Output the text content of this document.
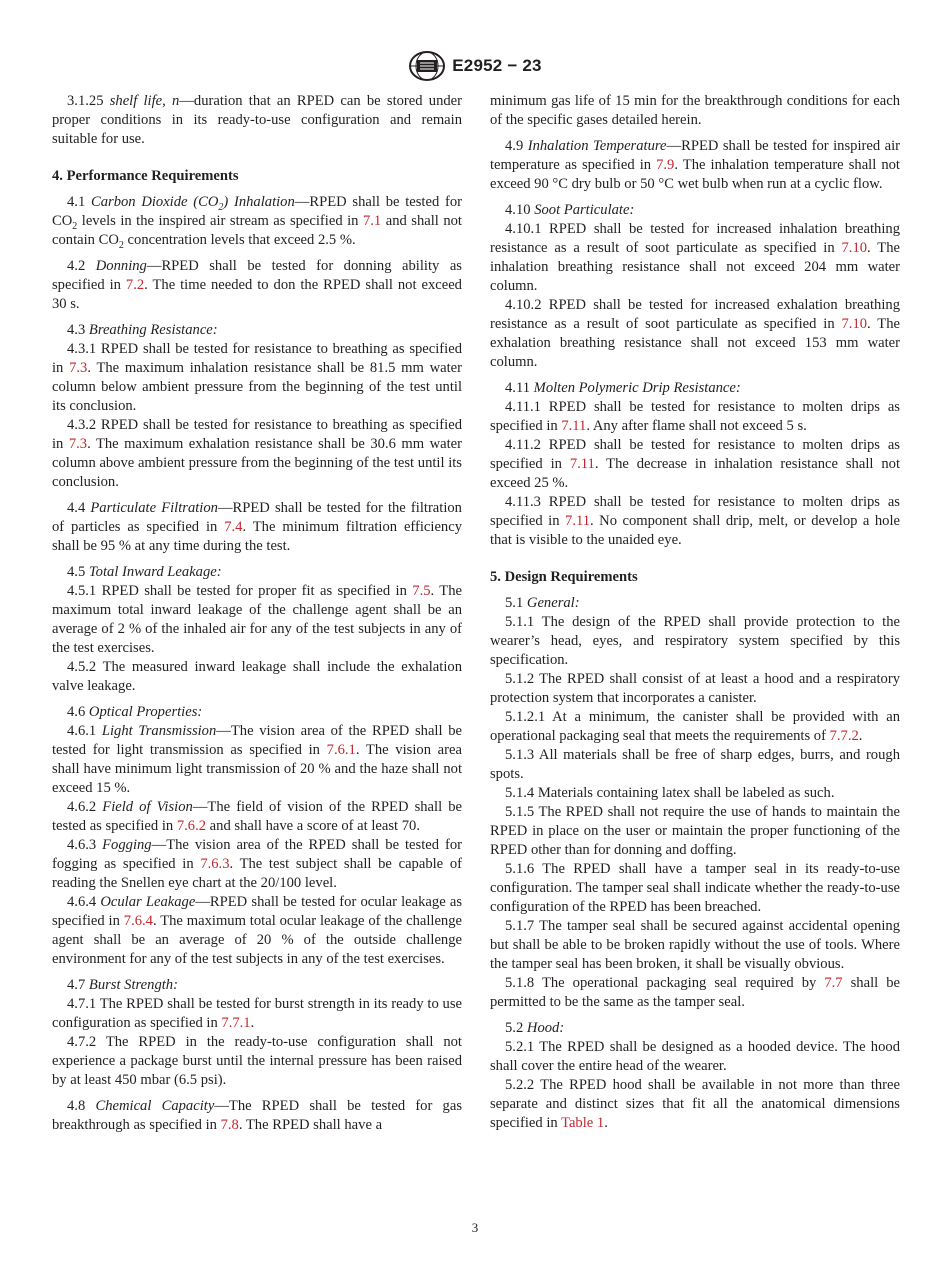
E2952 − 23

3.1.25 shelf life, n—duration that an RPED can be stored under proper conditions in its ready-to-use configuration and remain suitable for use.

4. Performance Requirements

4.1 Carbon Dioxide $(CO_2)$ Inhalation—RPED shall be tested for $CO_2$ levels in the inspired air stream as specified in 7.1 and shall not contain $CO_2$ concentration levels that exceed 2.5 %.

4.2 Donning—RPED shall be tested for donning ability as specified in 7.2. The time needed to don the RPED shall not exceed 30 s.

4.3 Breathing Resistance:

4.3.1 RPED shall be tested for resistance to breathing as specified in 7.3. The maximum inhalation resistance shall be 81.5 mm water column below ambient pressure from the beginning of the test until its conclusion.

4.3.2 RPED shall be tested for resistance to breathing as specified in 7.3. The maximum exhalation resistance shall be 30.6 mm water column above ambient pressure from the beginning of the test until its conclusion.

4.4 Particulate Filtration—RPED shall be tested for the filtration of particles as specified in 7.4. The minimum filtration efficiency shall be 95 % at any time during the test.

4.5 Total Inward Leakage:

4.5.1 RPED shall be tested for proper fit as specified in 7.5. The maximum total inward leakage of the challenge agent shall be an average of 2 % of the inhaled air for any of the test subjects in any of the test exercises.

4.5.2 The measured inward leakage shall include the exhalation valve leakage.

4.6 Optical Properties:

4.6.1 Light Transmission—The vision area of the RPED shall be tested for light transmission as specified in 7.6.1. The vision area shall have minimum light transmission of 20 % and the haze shall not exceed 15 %.

4.6.2 Field of Vision—The field of vision of the RPED shall be tested as specified in 7.6.2 and shall have a score of at least 70.

4.6.3 Fogging—The vision area of the RPED shall be tested for fogging as specified in 7.6.3. The test subject shall be capable of reading the Snellen eye chart at the 20/100 level.

4.6.4 Ocular Leakage—RPED shall be tested for ocular leakage as specified in 7.6.4. The maximum total ocular leakage of the challenge agent shall be an average of 20 % of the outside challenge environment for any of the test subjects in any of the test exercises.

4.7 Burst Strength:

4.7.1 The RPED shall be tested for burst strength in its ready to use configuration as specified in 7.7.1.

4.7.2 The RPED in the ready-to-use configuration shall not experience a package burst until the internal pressure has been raised by at least 450 mbar (6.5 psi).

4.8 Chemical Capacity—The RPED shall be tested for gas breakthrough as specified in 7.8. The RPED shall have a

minimum gas life of 15 min for the breakthrough conditions for each of the specific gases detailed herein.

4.9 Inhalation Temperature—RPED shall be tested for inspired air temperature as specified in 7.9. The inhalation temperature shall not exceed 90 °C dry bulb or 50 °C wet bulb when run at a cyclic flow.

4.10 Soot Particulate:

4.10.1 RPED shall be tested for increased inhalation breathing resistance as a result of soot particulate as specified in 7.10. The inhalation breathing resistance shall not exceed 204 mm water column.

4.10.2 RPED shall be tested for increased exhalation breathing resistance as a result of soot particulate as specified in 7.10. The exhalation breathing resistance shall not exceed 153 mm water column.

4.11 Molten Polymeric Drip Resistance:

4.11.1 RPED shall be tested for resistance to molten drips as specified in 7.11. Any after flame shall not exceed 5 s.

4.11.2 RPED shall be tested for resistance to molten drips as specified in 7.11. The decrease in inhalation resistance shall not exceed 25 %.

4.11.3 RPED shall be tested for resistance to molten drips as specified in 7.11. No component shall drip, melt, or develop a hole that is visible to the unaided eye.

5. Design Requirements

5.1 General:

5.1.1 The design of the RPED shall provide protection to the wearer’s head, eyes, and respiratory system specified by this specification.

5.1.2 The RPED shall consist of at least a hood and a respiratory protection system that incorporates a canister.

5.1.2.1 At a minimum, the canister shall be provided with an operational packaging seal that meets the requirements of 7.7.2.

5.1.3 All materials shall be free of sharp edges, burrs, and rough spots.

5.1.4 Materials containing latex shall be labeled as such.

5.1.5 The RPED shall not require the use of hands to maintain the RPED in place on the user or maintain the proper functioning of the RPED other than for donning and doffing.

5.1.6 The RPED shall have a tamper seal in its ready-to-use configuration. The tamper seal shall indicate whether the ready-to-use configuration of the RPED has been breached.

5.1.7 The tamper seal shall be secured against accidental opening but shall be able to be broken rapidly without the use of tools. Where the tamper seal has been broken, it shall be visually obvious.

5.1.8 The operational packaging seal required by 7.7 shall be permitted to be the same as the tamper seal.

5.2 Hood:

5.2.1 The RPED shall be designed as a hooded device. The hood shall cover the entire head of the wearer.

5.2.2 The RPED hood shall be available in not more than three separate and distinct sizes that fit all the anatomical dimensions specified in Table 1.

3
